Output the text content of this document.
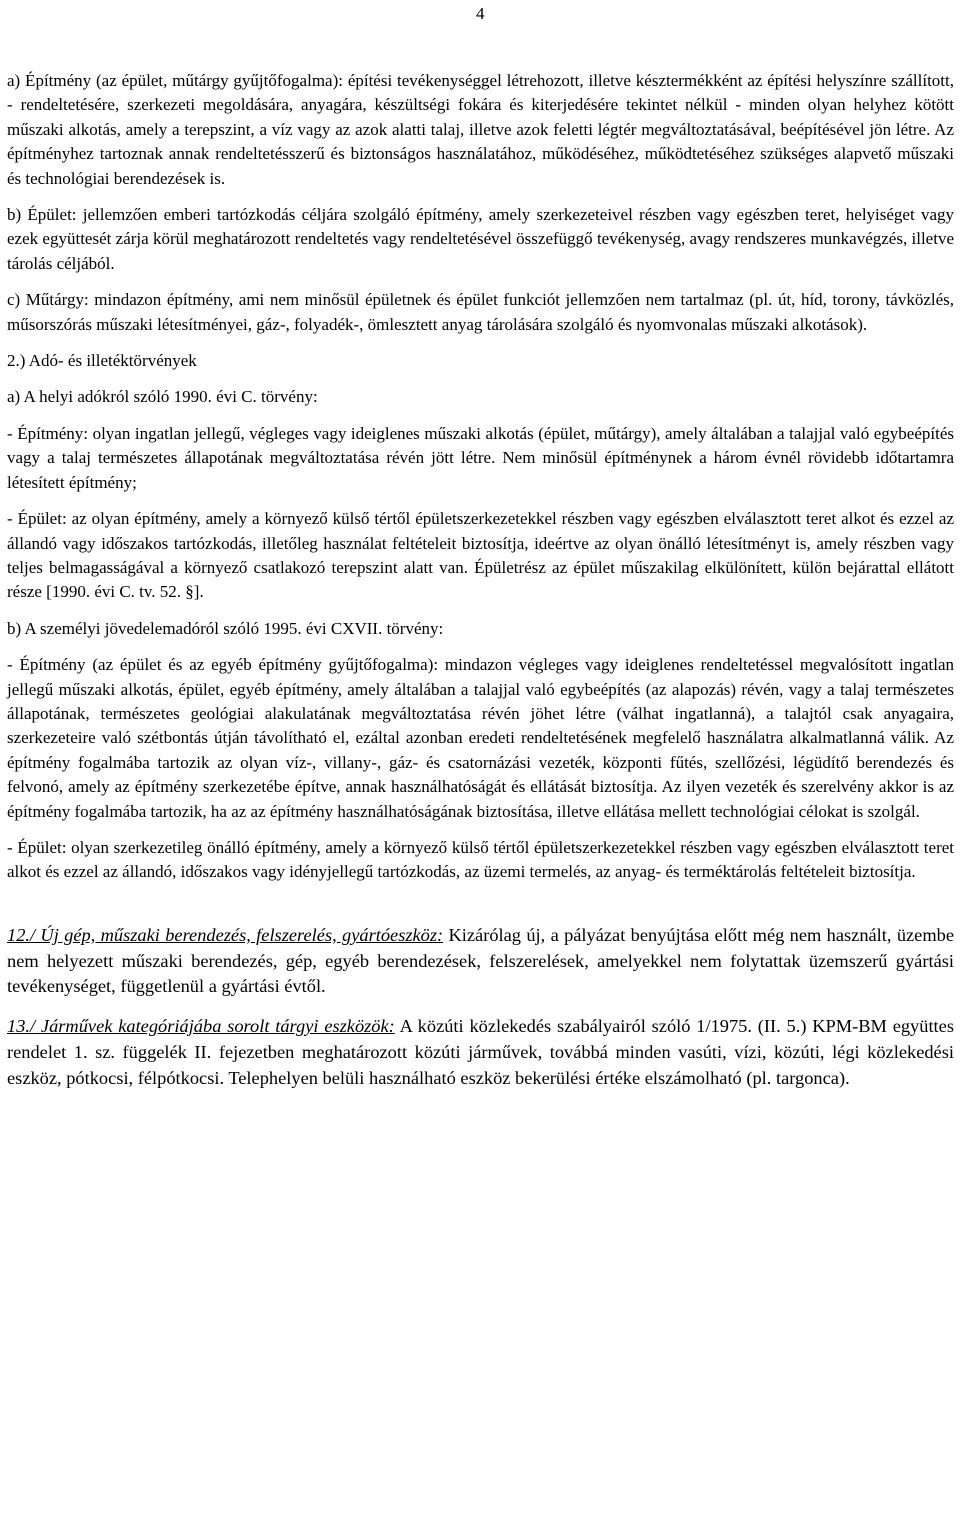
4

a) Építmény (az épület, műtárgy gyűjtőfogalma): építési tevékenységgel létrehozott, illetve késztermékként az építési helyszínre szállított, - rendeltetésére, szerkezeti megoldására, anyagára, készültségi fokára és kiterjedésére tekintet nélkül - minden olyan helyhez kötött műszaki alkotás, amely a terepszint, a víz vagy az azok alatti talaj, illetve azok feletti légtér megváltoztatásával, beépítésével jön létre. Az építményhez tartoznak annak rendeltetésszerű és biztonságos használatához, működéséhez, működtetéséhez szükséges alapvető műszaki és technológiai berendezések is.

b) Épület: jellemzően emberi tartózkodás céljára szolgáló építmény, amely szerkezeteivel részben vagy egészben teret, helyiséget vagy ezek együttesét zárja körül meghatározott rendeltetés vagy rendeltetésével összefüggő tevékenység, avagy rendszeres munkavégzés, illetve tárolás céljából.

c) Műtárgy: mindazon építmény, ami nem minősül épületnek és épület funkciót jellemzően nem tartalmaz (pl. út, híd, torony, távközlés, műsorszórás műszaki létesítményei, gáz-, folyadék-, ömlesztett anyag tárolására szolgáló és nyomvonalas műszaki alkotások).

2.) Adó- és illetéktörvények

a) A helyi adókról szóló 1990. évi C. törvény:

- Építmény: olyan ingatlan jellegű, végleges vagy ideiglenes műszaki alkotás (épület, műtárgy), amely általában a talajjal való egybeépítés vagy a talaj természetes állapotának megváltoztatása révén jött létre. Nem minősül építménynek a három évnél rövidebb időtartamra létesített építmény;

- Épület: az olyan építmény, amely a környező külső tértől épületszerkezetekkel részben vagy egészben elválasztott teret alkot és ezzel az állandó vagy időszakos tartózkodás, illetőleg használat feltételeit biztosítja, ideértve az olyan önálló létesítményt is, amely részben vagy teljes belmagasságával a környező csatlakozó terepszint alatt van. Épületrész az épület műszakilag elkülönített, külön bejárattal ellátott része [1990. évi C. tv. 52. §].

b) A személyi jövedelemadóról szóló 1995. évi CXVII. törvény:

- Építmény (az épület és az egyéb építmény gyűjtőfogalma): mindazon végleges vagy ideiglenes rendeltetéssel megvalósított ingatlan jellegű műszaki alkotás, épület, egyéb építmény, amely általában a talajjal való egybeépítés (az alapozás) révén, vagy a talaj természetes állapotának, természetes geológiai alakulatának megváltoztatása révén jöhet létre (válhat ingatlanná), a talajtól csak anyagaira, szerkezeteire való szétbontás útján távolítható el, ezáltal azonban eredeti rendeltetésének megfelelő használatra alkalmatlanná válik. Az építmény fogalmába tartozik az olyan víz-, villany-, gáz- és csatornázási vezeték, központi fűtés, szellőzési, légüdítő berendezés és felvonó, amely az építmény szerkezetébe építve, annak használhatóságát és ellátását biztosítja. Az ilyen vezeték és szerelvény akkor is az építmény fogalmába tartozik, ha az az építmény használhatóságának biztosítása, illetve ellátása mellett technológiai célokat is szolgál.

- Épület: olyan szerkezetileg önálló építmény, amely a környező külső tértől épületszerkezetekkel részben vagy egészben elválasztott teret alkot és ezzel az állandó, időszakos vagy idényjellegű tartózkodás, az üzemi termelés, az anyag- és terméktárolás feltételeit biztosítja.

12./ Új gép, műszaki berendezés, felszerelés, gyártóeszköz: Kizárólag új, a pályázat benyújtása előtt még nem használt, üzembe nem helyezett műszaki berendezés, gép, egyéb berendezések, felszerelések, amelyekkel nem folytattak üzemszerű gyártási tevékenységet, függetlenül a gyártási évtől.

13./ Járművek kategóriájába sorolt tárgyi eszközök: A közúti közlekedés szabályairól szóló 1/1975. (II. 5.) KPM-BM együttes rendelet 1. sz. függelék II. fejezetben meghatározott közúti járművek, továbbá minden vasúti, vízi, közúti, légi közlekedési eszköz, pótkocsi, félpótkocsi. Telephelyen belüli használható eszköz bekerülési értéke elszámolható (pl. targonca).
